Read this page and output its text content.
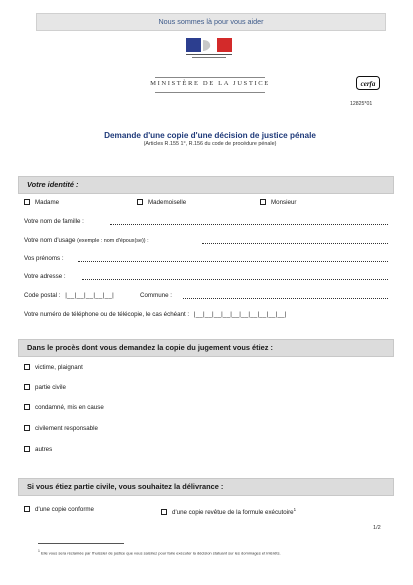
Nous sommes là pour vous aider
MINISTÈRE DE LA JUSTICE	cerfa
12825*01
Demande d'une copie d'une décision de justice pénale
(Articles R.155 1°, R.156 du code de procédure pénale)
Votre identité :
Madame	Mademoiselle	Monsieur
Votre nom de famille :
Votre nom d'usage (exemple : nom d'époux(se)) :
Vos prénoms :
Votre adresse :
Code postal : |__|__|__|__|__|	Commune :
Votre numéro de téléphone ou de télécopie, le cas échéant : |__|__|__|__|__|__|__|__|__|__|
Dans le procès dont vous demandez la copie du jugement vous étiez :
victime, plaignant
partie civile
condamné, mis en cause
civilement responsable
autres
Si vous étiez partie civile, vous souhaitez la délivrance :
d'une copie conforme	d'une copie revêtue de la formule exécutoire$^1$
1/2
$^1$ Elle vous sera réclamée par l'huissier de justice que vous saisirez pour faire exécuter la décision statuant sur les dommages et intérêts.
